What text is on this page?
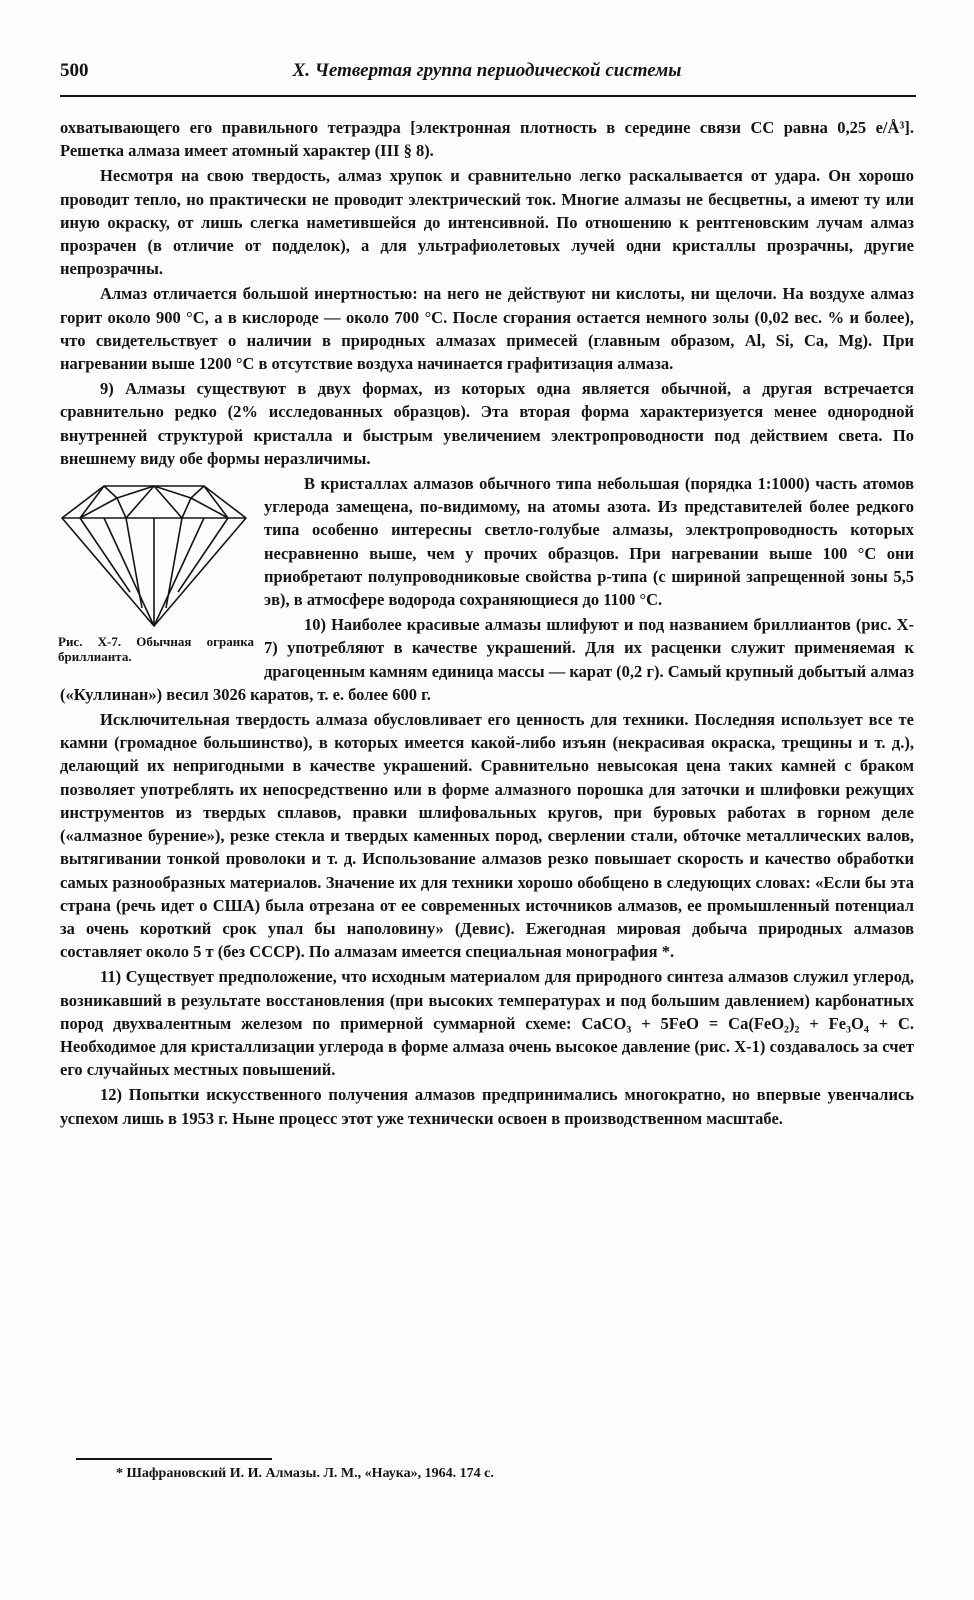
500	X. Четвертая группа периодической системы

охватывающего его правильного тетраэдра [электронная плотность в середине связи СС равна 0,25 e/Å³]. Решетка алмаза имеет атомный характер (III § 8).

Несмотря на свою твердость, алмаз хрупок и сравнительно легко раскалывается от удара. Он хорошо проводит тепло, но практически не проводит электрический ток. Многие алмазы не бесцветны, а имеют ту или иную окраску, от лишь слегка наметившейся до интенсивной. По отношению к рентгеновским лучам алмаз прозрачен (в отличие от подделок), а для ультрафиолетовых лучей одни кристаллы прозрачны, другие непрозрачны.

Алмаз отличается большой инертностью: на него не действуют ни кислоты, ни щелочи. На воздухе алмаз горит около 900 °С, а в кислороде — около 700 °С. После сгорания остается немного золы (0,02 вес. % и более), что свидетельствует о наличии в природных алмазах примесей (главным образом, Al, Si, Ca, Mg). При нагревании выше 1200 °С в отсутствие воздуха начинается графитизация алмаза.

9) Алмазы существуют в двух формах, из которых одна является обычной, а другая встречается сравнительно редко (2% исследованных образцов). Эта вторая форма характеризуется менее однородной внутренней структурой кристалла и быстрым увеличением электропроводности под действием света. По внешнему виду обе формы неразличимы.

Рис. X-7. Обычная огранка бриллианта.

В кристаллах алмазов обычного типа небольшая (порядка 1:1000) часть атомов углерода замещена, по-видимому, на атомы азота. Из представителей более редкого типа особенно интересны светло-голубые алмазы, электропроводность которых несравненно выше, чем у прочих образцов. При нагревании выше 100 °С они приобретают полупроводниковые свойства p-типа (с шириной запрещенной зоны 5,5 эв), в атмосфере водорода сохраняющиеся до 1100 °С.

10) Наиболее красивые алмазы шлифуют и под названием бриллиантов (рис. X-7) употребляют в качестве украшений. Для их расценки служит применяемая к драгоценным камням единица массы — карат (0,2 г). Самый крупный добытый алмаз («Куллинан») весил 3026 каратов, т. е. более 600 г.

Исключительная твердость алмаза обусловливает его ценность для техники. Последняя использует все те камни (громадное большинство), в которых имеется какой-либо изъян (некрасивая окраска, трещины и т. д.), делающий их непригодными в качестве украшений. Сравнительно невысокая цена таких камней с браком позволяет употреблять их непосредственно или в форме алмазного порошка для заточки и шлифовки режущих инструментов из твердых сплавов, правки шлифовальных кругов, при буровых работах в горном деле («алмазное бурение»), резке стекла и твердых каменных пород, сверлении стали, обточке металлических валов, вытягивании тонкой проволоки и т. д. Использование алмазов резко повышает скорость и качество обработки самых разнообразных материалов. Значение их для техники хорошо обобщено в следующих словах: «Если бы эта страна (речь идет о США) была отрезана от ее современных источников алмазов, ее промышленный потенциал за очень короткий срок упал бы наполовину» (Девис). Ежегодная мировая добыча природных алмазов составляет около 5 т (без СССР). По алмазам имеется специальная монография *.

11) Существует предположение, что исходным материалом для природного синтеза алмазов служил углерод, возникавший в результате восстановления (при высоких температурах и под большим давлением) карбонатных пород двухвалентным железом по примерной суммарной схеме: CaCO₃ + 5FeO = Ca(FeO₂)₂ + Fe₃O₄ + C. Необходимое для кристаллизации углерода в форме алмаза очень высокое давление (рис. X-1) создавалось за счет его случайных местных повышений.

12) Попытки искусственного получения алмазов предпринимались многократно, но впервые увенчались успехом лишь в 1953 г. Ныне процесс этот уже технически освоен в производственном масштабе.

* Шафрановский И. И. Алмазы. Л. М., «Наука», 1964. 174 с.
